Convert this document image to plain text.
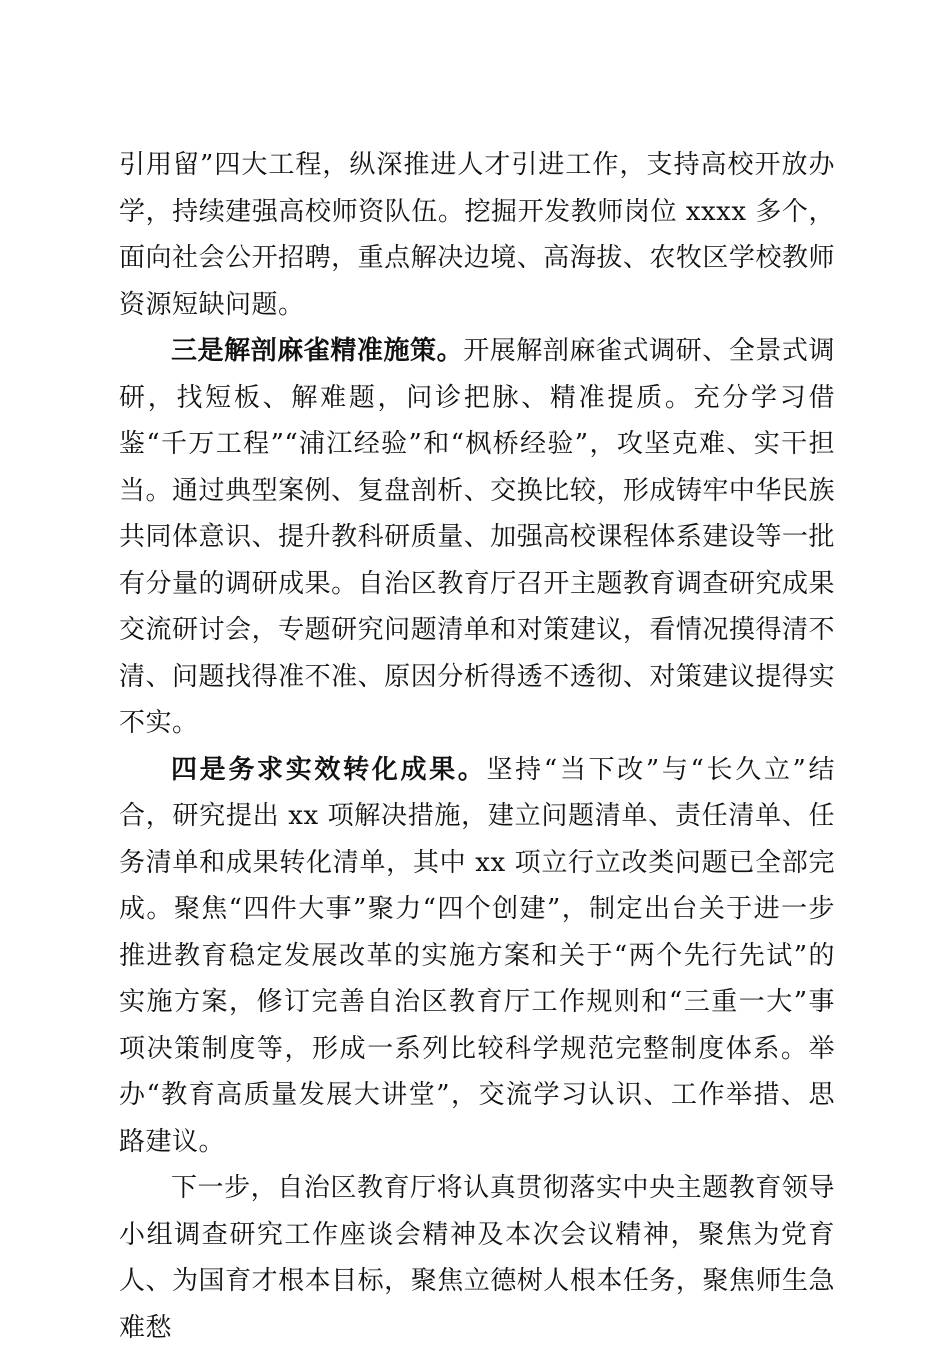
引用留”四大工程，纵深推进人才引进工作，支持高校开放办学，持续建强高校师资队伍。挖掘开发教师岗位 xxxx 多个，面向社会公开招聘，重点解决边境、高海拔、农牧区学校教师资源短缺问题。

三是解剖麻雀精准施策。开展解剖麻雀式调研、全景式调研，找短板、解难题，问诊把脉、精准提质。充分学习借鉴“千万工程”“浦江经验”和“枫桥经验”，攻坚克难、实干担当。通过典型案例、复盘剖析、交换比较，形成铸牢中华民族共同体意识、提升教科研质量、加强高校课程体系建设等一批有分量的调研成果。自治区教育厅召开主题教育调查研究成果交流研讨会，专题研究问题清单和对策建议，看情况摸得清不清、问题找得准不准、原因分析得透不透彻、对策建议提得实不实。

四是务求实效转化成果。坚持“当下改”与“长久立”结合，研究提出 xx 项解决措施，建立问题清单、责任清单、任务清单和成果转化清单，其中 xx 项立行立改类问题已全部完成。聚焦“四件大事”聚力“四个创建”，制定出台关于进一步推进教育稳定发展改革的实施方案和关于“两个先行先试”的实施方案，修订完善自治区教育厅工作规则和“三重一大”事项决策制度等，形成一系列比较科学规范完整制度体系。举办“教育高质量发展大讲堂”，交流学习认识、工作举措、思路建议。

下一步，自治区教育厅将认真贯彻落实中央主题教育领导小组调查研究工作座谈会精神及本次会议精神，聚焦为党育人、为国育才根本目标，聚焦立德树人根本任务，聚焦师生急难愁
